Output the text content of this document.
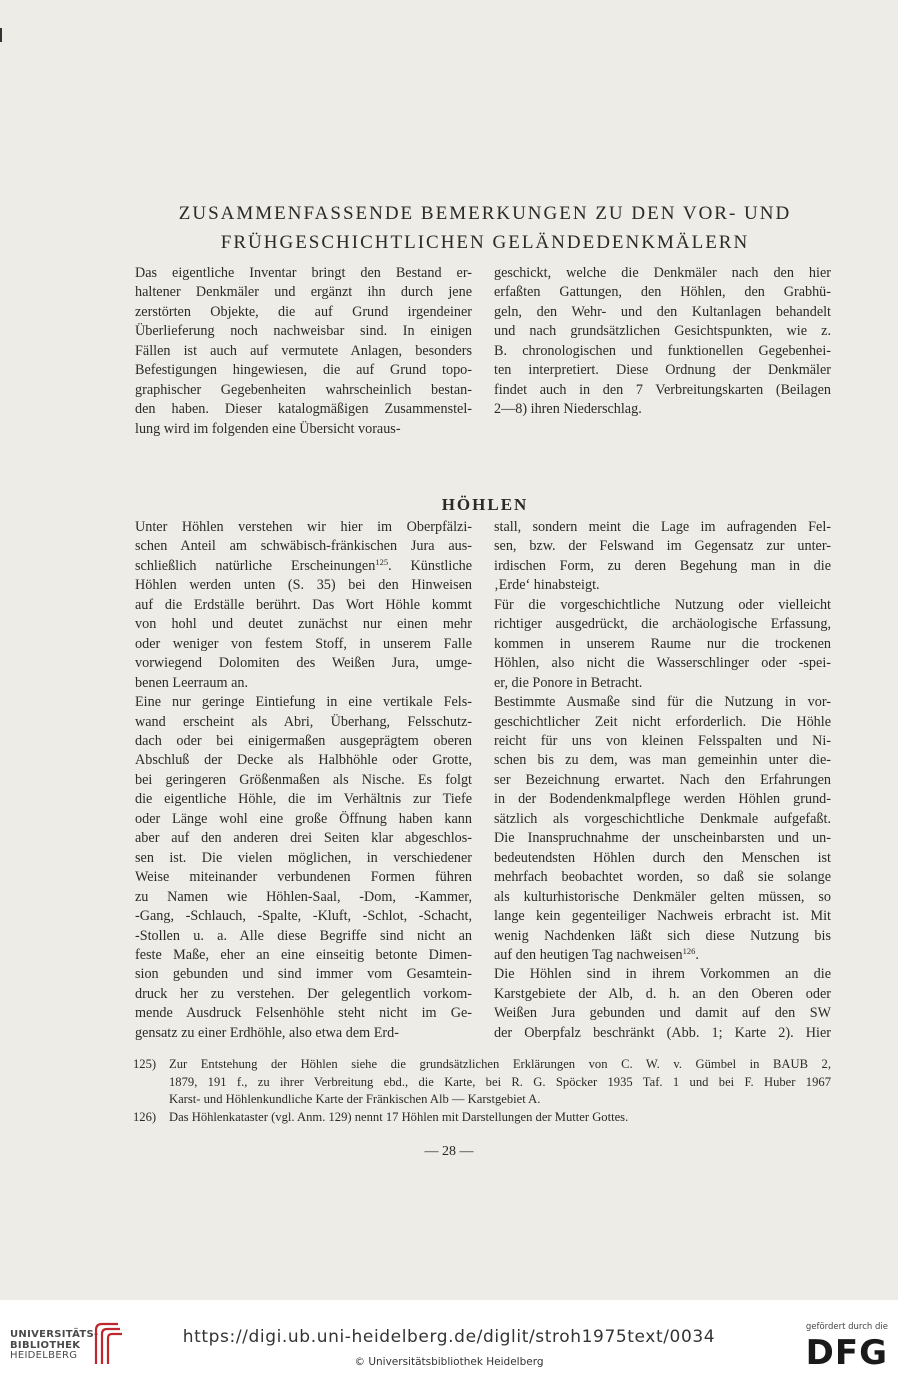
ZUSAMMENFASSENDE BEMERKUNGEN ZU DEN VOR- UND
FRÜHGESCHICHTLICHEN GELÄNDEDENKMÄLERN
Das eigentliche Inventar bringt den Bestand er-
haltener Denkmäler und ergänzt ihn durch jene
zerstörten Objekte, die auf Grund irgendeiner
Überlieferung noch nachweisbar sind. In einigen
Fällen ist auch auf vermutete Anlagen, besonders
Befestigungen hingewiesen, die auf Grund topo-
graphischer Gegebenheiten wahrscheinlich bestan-
den haben. Dieser katalogmäßigen Zusammenstel-
lung wird im folgenden eine Übersicht voraus-
geschickt, welche die Denkmäler nach den hier
erfaßten Gattungen, den Höhlen, den Grabhü-
geln, den Wehr- und den Kultanlagen behandelt
und nach grundsätzlichen Gesichtspunkten, wie z.
B. chronologischen und funktionellen Gegebenhei-
ten interpretiert. Diese Ordnung der Denkmäler
findet auch in den 7 Verbreitungskarten (Beilagen
2—8) ihren Niederschlag.
HÖHLEN
Unter Höhlen verstehen wir hier im Oberpfälzi-
schen Anteil am schwäbisch-fränkischen Jura aus-
schließlich natürliche Erscheinungen$^{125}$. Künstliche
Höhlen werden unten (S. 35) bei den Hinweisen
auf die Erdställe berührt. Das Wort Höhle kommt
von hohl und deutet zunächst nur einen mehr
oder weniger von festem Stoff, in unserem Falle
vorwiegend Dolomiten des Weißen Jura, umge-
benen Leerraum an.
Eine nur geringe Eintiefung in eine vertikale Fels-
wand erscheint als Abri, Überhang, Felsschutz-
dach oder bei einigermaßen ausgeprägtem oberen
Abschluß der Decke als Halbhöhle oder Grotte,
bei geringeren Größenmaßen als Nische. Es folgt
die eigentliche Höhle, die im Verhältnis zur Tiefe
oder Länge wohl eine große Öffnung haben kann
aber auf den anderen drei Seiten klar abgeschlos-
sen ist. Die vielen möglichen, in verschiedener
Weise miteinander verbundenen Formen führen
zu Namen wie Höhlen-Saal, -Dom, -Kammer,
-Gang, -Schlauch, -Spalte, -Kluft, -Schlot, -Schacht,
-Stollen u. a. Alle diese Begriffe sind nicht an
feste Maße, eher an eine einseitig betonte Dimen-
sion gebunden und sind immer vom Gesamtein-
druck her zu verstehen. Der gelegentlich vorkom-
mende Ausdruck Felsenhöhle steht nicht im Ge-
gensatz zu einer Erdhöhle, also etwa dem Erd-
stall, sondern meint die Lage im aufragenden Fel-
sen, bzw. der Felswand im Gegensatz zur unter-
irdischen Form, zu deren Begehung man in die
‚Erde‘ hinabsteigt.
Für die vorgeschichtliche Nutzung oder vielleicht
richtiger ausgedrückt, die archäologische Erfassung,
kommen in unserem Raume nur die trockenen
Höhlen, also nicht die Wasserschlinger oder -spei-
er, die Ponore in Betracht.
Bestimmte Ausmaße sind für die Nutzung in vor-
geschichtlicher Zeit nicht erforderlich. Die Höhle
reicht für uns von kleinen Felsspalten und Ni-
schen bis zu dem, was man gemeinhin unter die-
ser Bezeichnung erwartet. Nach den Erfahrungen
in der Bodendenkmalpflege werden Höhlen grund-
sätzlich als vorgeschichtliche Denkmale aufgefaßt.
Die Inanspruchnahme der unscheinbarsten und un-
bedeutendsten Höhlen durch den Menschen ist
mehrfach beobachtet worden, so daß sie solange
als kulturhistorische Denkmäler gelten müssen, so
lange kein gegenteiliger Nachweis erbracht ist. Mit
wenig Nachdenken läßt sich diese Nutzung bis
auf den heutigen Tag nachweisen$^{126}$.
Die Höhlen sind in ihrem Vorkommen an die
Karstgebiete der Alb, d. h. an den Oberen oder
Weißen Jura gebunden und damit auf den SW
der Oberpfalz beschränkt (Abb. 1; Karte 2). Hier
125)	Zur Entstehung der Höhlen siehe die grundsätzlichen Erklärungen von C. W. v. Gümbel in BAUB 2,
1879, 191 f., zu ihrer Verbreitung ebd., die Karte, bei R. G. Spöcker 1935 Taf. 1 und bei F. Huber 1967
Karst- und Höhlenkundliche Karte der Fränkischen Alb — Karstgebiet A.
126)	Das Höhlenkataster (vgl. Anm. 129) nennt 17 Höhlen mit Darstellungen der Mutter Gottes.
— 28 —
UNIVERSITÄTS-
BIBLIOTHEK
HEIDELBERG
https://digi.ub.uni-heidelberg.de/diglit/stroh1975text/0034
© Universitätsbibliothek Heidelberg
gefördert durch die
DFG
